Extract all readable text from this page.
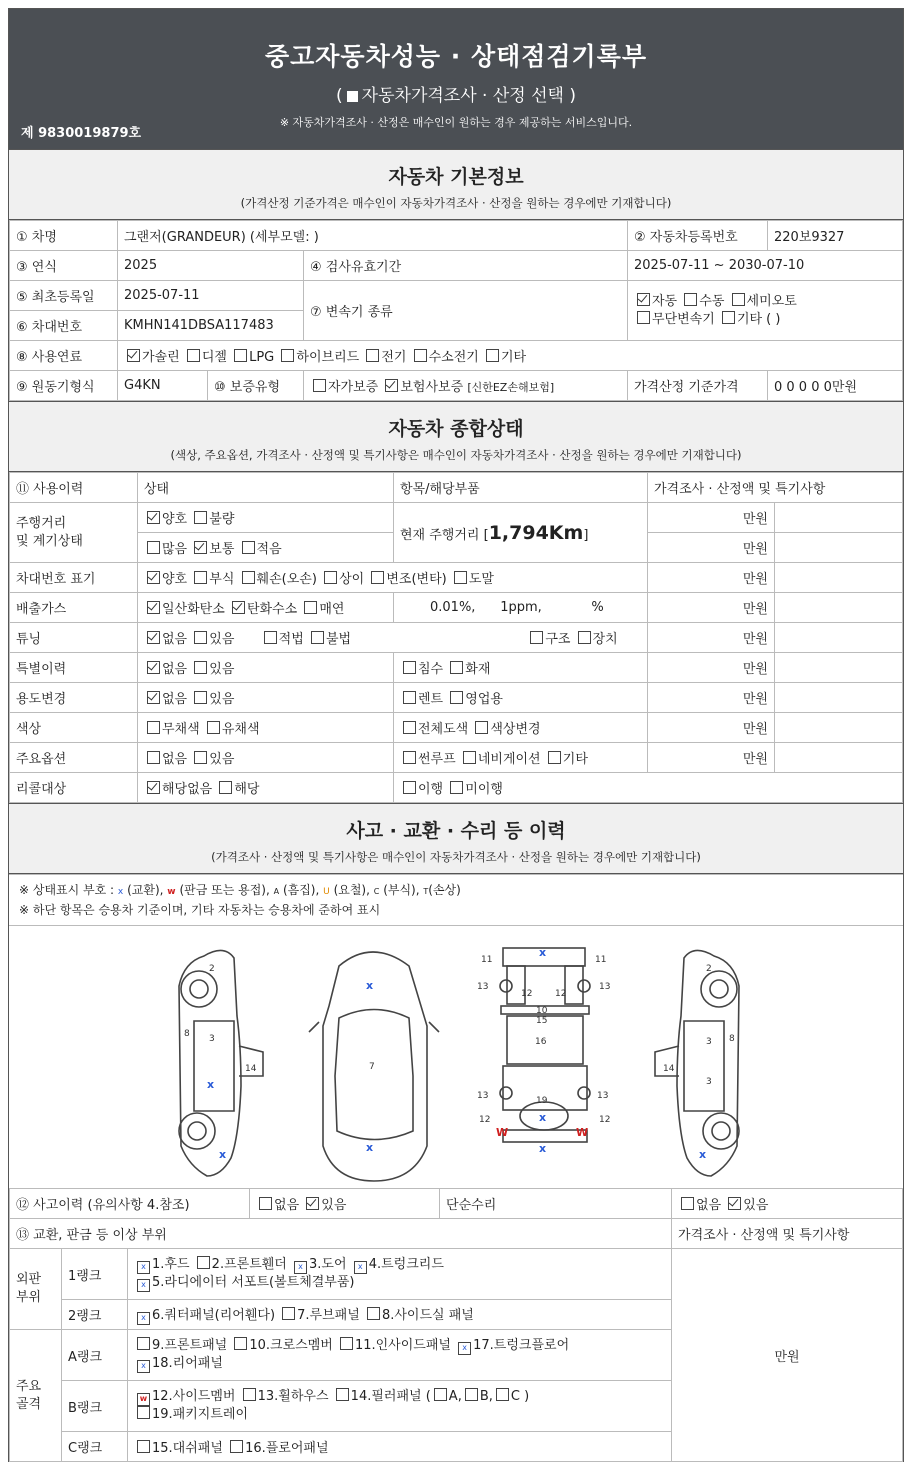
중고자동차성능 · 상태점검기록부
( 자동차가격조사 · 산정 선택 )
※ 자동차가격조사 · 산정은 매수인이 원하는 경우 제공하는 서비스입니다.
제 9830019879호
자동차 기본정보
(가격산정 기준가격은 매수인이 자동차가격조사 · 산정을 원하는 경우에만 기재합니다)
① 차명	그랜저(GRANDEUR) (세부모델: )			② 자동차등록번호	220보9327
③ 연식	2025		④ 검사유효기간	2025-07-11 ~ 2030-07-10	
⑤ 최초등록일	2025-07-11		⑦ 변속기 종류	자동 수동 세미오토
무단변속기 기타 ( )	
⑥ 차대번호	KMHN141DBSA117483				
⑧ 사용연료	가솔린 디젤 LPG 하이브리드 전기 수소전기 기타				
⑨ 원동기형식	G4KN	⑩ 보증유형	자가보증 보험사보증 [신한EZ손해보험]	가격산정 기준가격	0 0 0 0 0만원
자동차 종합상태
(색상, 주요옵션, 가격조사 · 산정액 및 특기사항은 매수인이 자동차가격조사 · 산정을 원하는 경우에만 기재합니다)
⑪ 사용이력	상태	항목/해당부품	가격조사 · 산정액 및 특기사항	
주행거리
및 계기상태	양호 불량	현재 주행거리 [1,794Km]	만원	
	많음 보통 적음		만원	
차대번호 표기	양호 부식 훼손(오손) 상이 변조(변타) 도말		만원	
배출가스	일산화탄소 탄화수소 매연	0.01%,      1ppm,            %	만원	
튜닝	없음 있음 적법 불법 구조 장치		만원	
특별이력	없음 있음	침수 화재	만원	
용도변경	없음 있음	렌트 영업용	만원	
색상	무채색 유채색	전체도색 색상변경	만원	
주요옵션	없음 있음	썬루프 네비게이션 기타	만원	
리콜대상	해당없음 해당	이행 미이행		
사고 · 교환 · 수리 등 이력
(가격조사 · 산정액 및 특기사항은 매수인이 자동차가격조사 · 산정을 원하는 경우에만 기재합니다)
※ 상태표시 부호 : x (교환), w (판금 또는 용접), A (흠집), U (요철), C (부식), T(손상)
※ 하단 항목은 승용차 기준이며, 기타 자동차는 승용차에 준하여 표시
2
8 3
14
x
x
x
7
x
x
11	11
13	13
12	12
10
15
16
19
13	13
12	12
x
W	W
x
2
8
3
14
3
x
⑫ 사고이력 (유의사항 4.참조)			없음 있음	단순수리	없음 있음
⑬ 교환, 판금 등 이상 부위					가격조사 · 산정액 및 특기사항
외판
부위	1랭크	x1.후드 2.프론트휀더 x 3.도어 x 4.트렁크리드
x5.라디에이터 서포트(볼트체결부품)			만원
	2랭크	x6.쿼터패널(리어휀다) 7.루브패널 8.사이드실 패널
주요
골격	A랭크	9.프론트패널 10.크로스멤버 11.인사이드패널 x 17.트렁크플로어
x18.리어패널
	B랭크	w12.사이드멤버 13.휠하우스 14.필러패널 ( A, B, C )
19.패키지트레이
	C랭크	15.대쉬패널 16.플로어패널			
